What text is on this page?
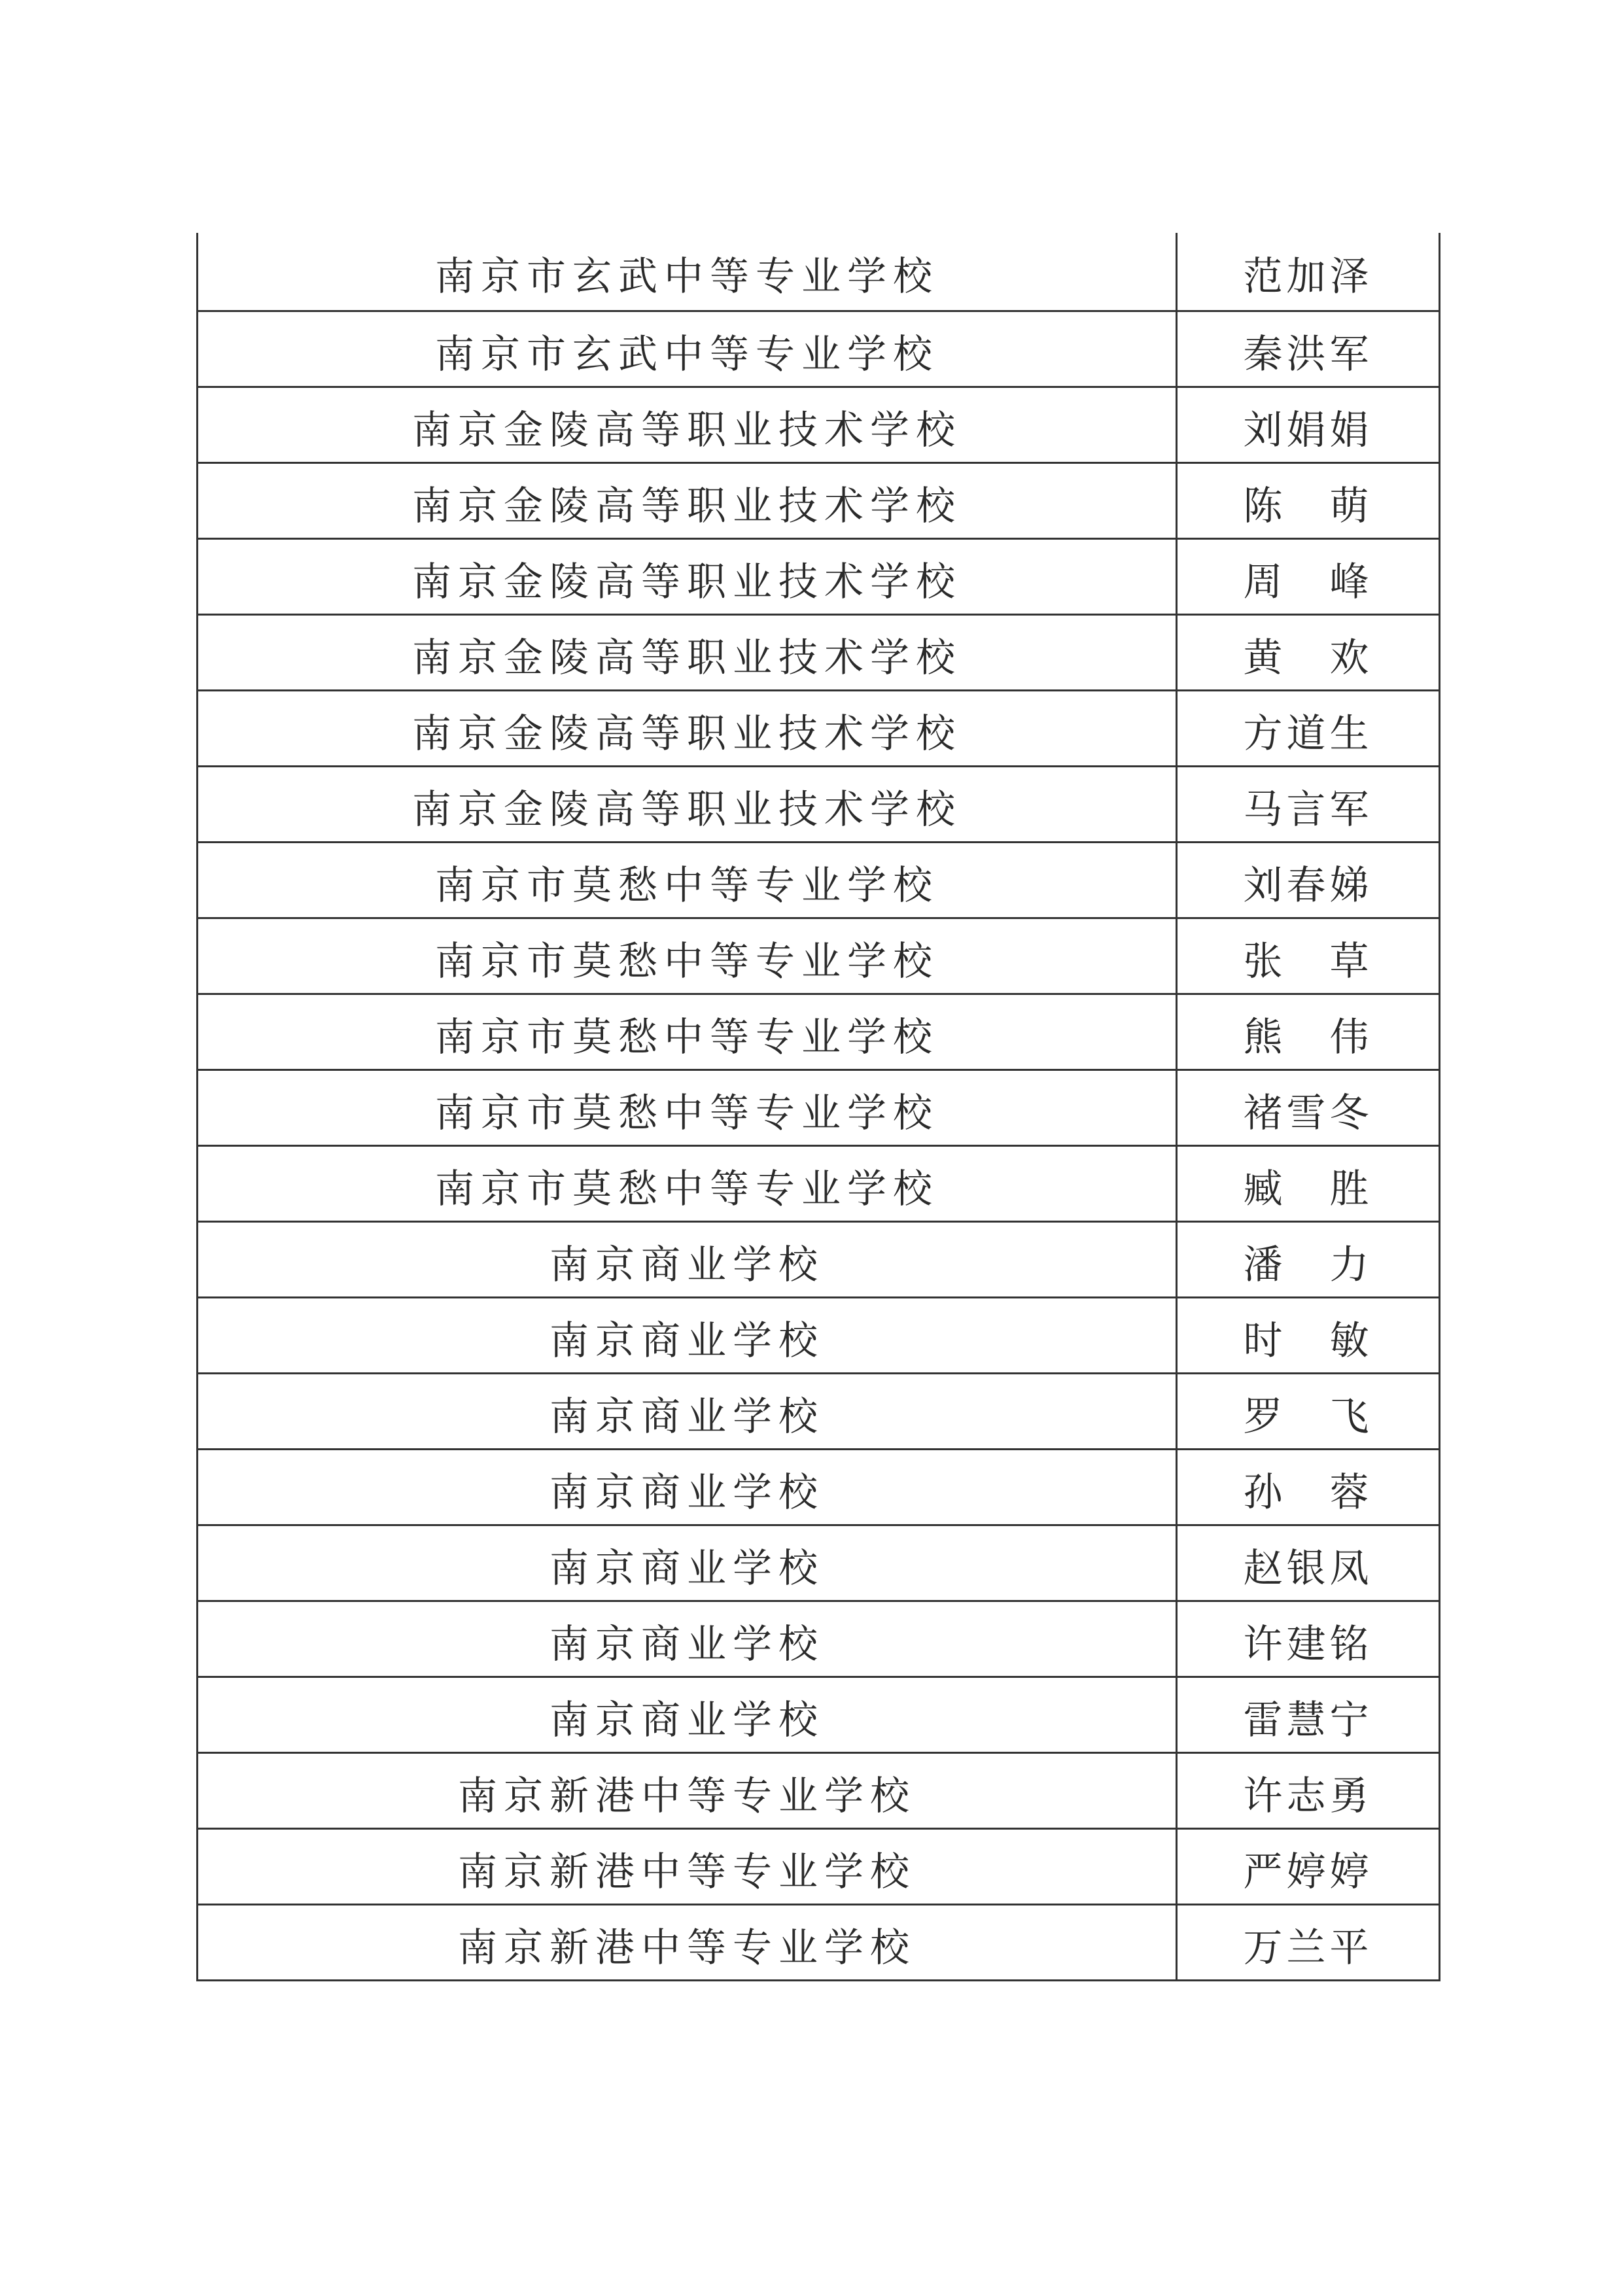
南京市玄武中等专业学校	范加泽
南京市玄武中等专业学校	秦洪军
南京金陵高等职业技术学校	刘娟娟
南京金陵高等职业技术学校	陈　萌
南京金陵高等职业技术学校	周　峰
南京金陵高等职业技术学校	黄　欢
南京金陵高等职业技术学校	方道生
南京金陵高等职业技术学校	马言军
南京市莫愁中等专业学校	刘春娣
南京市莫愁中等专业学校	张　草
南京市莫愁中等专业学校	熊　伟
南京市莫愁中等专业学校	褚雪冬
南京市莫愁中等专业学校	臧　胜
南京商业学校	潘　力
南京商业学校	时　敏
南京商业学校	罗　飞
南京商业学校	孙　蓉
南京商业学校	赵银凤
南京商业学校	许建铭
南京商业学校	雷慧宁
南京新港中等专业学校	许志勇
南京新港中等专业学校	严婷婷
南京新港中等专业学校	万兰平
